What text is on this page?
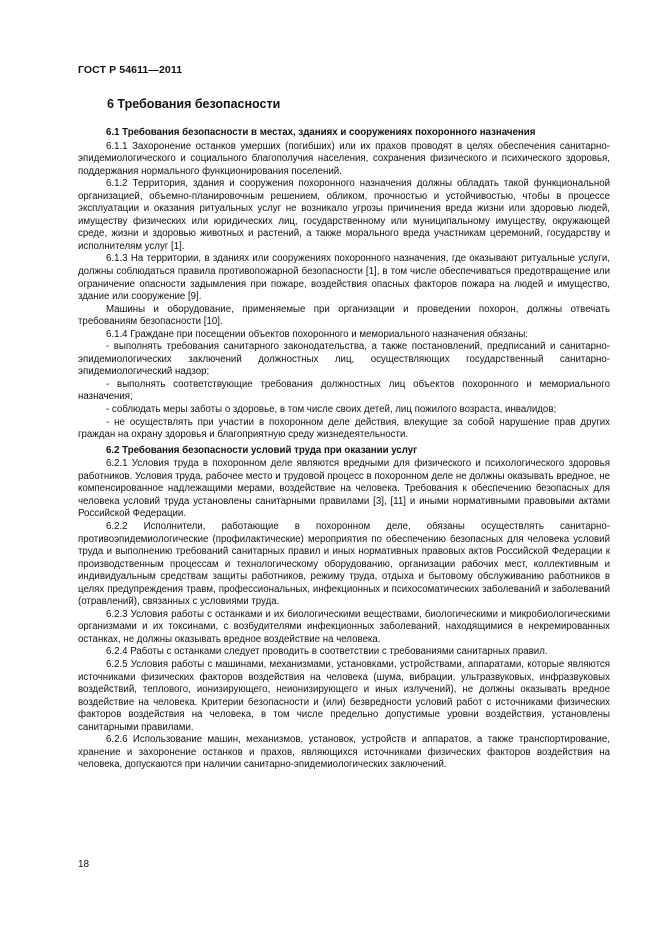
ГОСТ Р 54611—2011
6 Требования безопасности

6.1 Требования безопасности в местах, зданиях и сооружениях похоронного назначения

6.1.1 Захоронение останков умерших (погибших) или их прахов проводят в целях обеспечения санитарно-эпидемиологического и социального благополучия населения, сохранения физического и психического здоровья, поддержания нормального функционирования поселений.

6.1.2 Территория, здания и сооружения похоронного назначения должны обладать такой функциональной организацией, объемно-планировочным решением, обликом, прочностью и устойчивостью, чтобы в процессе эксплуатации и оказания ритуальных услуг не возникало угрозы причинения вреда жизни или здоровью людей, имуществу физических или юридических лиц, государственному или муниципальному имуществу, окружающей среде, жизни и здоровью животных и растений, а также морального вреда участникам церемоний, государству и исполнителям услуг [1].

6.1.3 На территории, в зданиях или сооружениях похоронного назначения, где оказывают ритуальные услуги, должны соблюдаться правила противопожарной безопасности [1], в том числе обеспечиваться предотвращение или ограничение опасности задымления при пожаре, воздействия опасных факторов пожара на людей и имущество, здание или сооружение [9].

Машины и оборудование, применяемые при организации и проведении похорон, должны отвечать требованиям безопасности [10].

6.1.4 Граждане при посещении объектов похоронного и мемориального назначения обязаны:

- выполнять требования санитарного законодательства, а также постановлений, предписаний и санитарно-эпидемиологических заключений должностных лиц, осуществляющих государственный санитарно-эпидемиологический надзор;

- выполнять соответствующие требования должностных лиц объектов похоронного и мемориального назначения;

- соблюдать меры заботы о здоровье, в том числе своих детей, лиц пожилого возраста, инвалидов;

- не осуществлять при участии в похоронном деле действия, влекущие за собой нарушение прав других граждан на охрану здоровья и благоприятную среду жизнедеятельности.

6.2 Требования безопасности условий труда при оказании услуг

6.2.1 Условия труда в похоронном деле являются вредными для физического и психологического здоровья работников. Условия труда, рабочее место и трудовой процесс в похоронном деле не должны оказывать вредное, не компенсированное надлежащими мерами, воздействие на человека. Требования к обеспечению безопасных для человека условий труда установлены санитарными правилами [3], [11] и иными нормативными правовыми актами Российской Федерации.

6.2.2 Исполнители, работающие в похоронном деле, обязаны осуществлять санитарно-противоэпидемиологические (профилактические) мероприятия по обеспечению безопасных для человека условий труда и выполнению требований санитарных правил и иных нормативных правовых актов Российской Федерации к производственным процессам и технологическому оборудованию, организации рабочих мест, коллективным и индивидуальным средствам защиты работников, режиму труда, отдыха и бытовому обслуживанию работников в целях предупреждения травм, профессиональных, инфекционных и психосоматических заболеваний и заболеваний (отравлений), связанных с условиями труда.

6.2.3 Условия работы с останками и их биологическими веществами, биологическими и микробиологическими организмами и их токсинами, с возбудителями инфекционных заболеваний, находящимися в некремированных останках, не должны оказывать вредное воздействие на человека.

6.2.4 Работы с останками следует проводить в соответствии с требованиями санитарных правил.

6.2.5 Условия работы с машинами, механизмами, установками, устройствами, аппаратами, которые являются источниками физических факторов воздействия на человека (шума, вибрации, ультразвуковых, инфразвуковых воздействий, теплового, ионизирующего, неионизирующего и иных излучений), не должны оказывать вредное воздействие на человека. Критерии безопасности и (или) безвредности условий работ с источниками физических факторов воздействия на человека, в том числе предельно допустимые уровни воздействия, установлены санитарными правилами.

6.2.6 Использование машин, механизмов, установок, устройств и аппаратов, а также транспортирование, хранение и захоронение останков и прахов, являющихся источниками физических факторов воздействия на человека, допускаются при наличии санитарно-эпидемиологических заключений.

18
